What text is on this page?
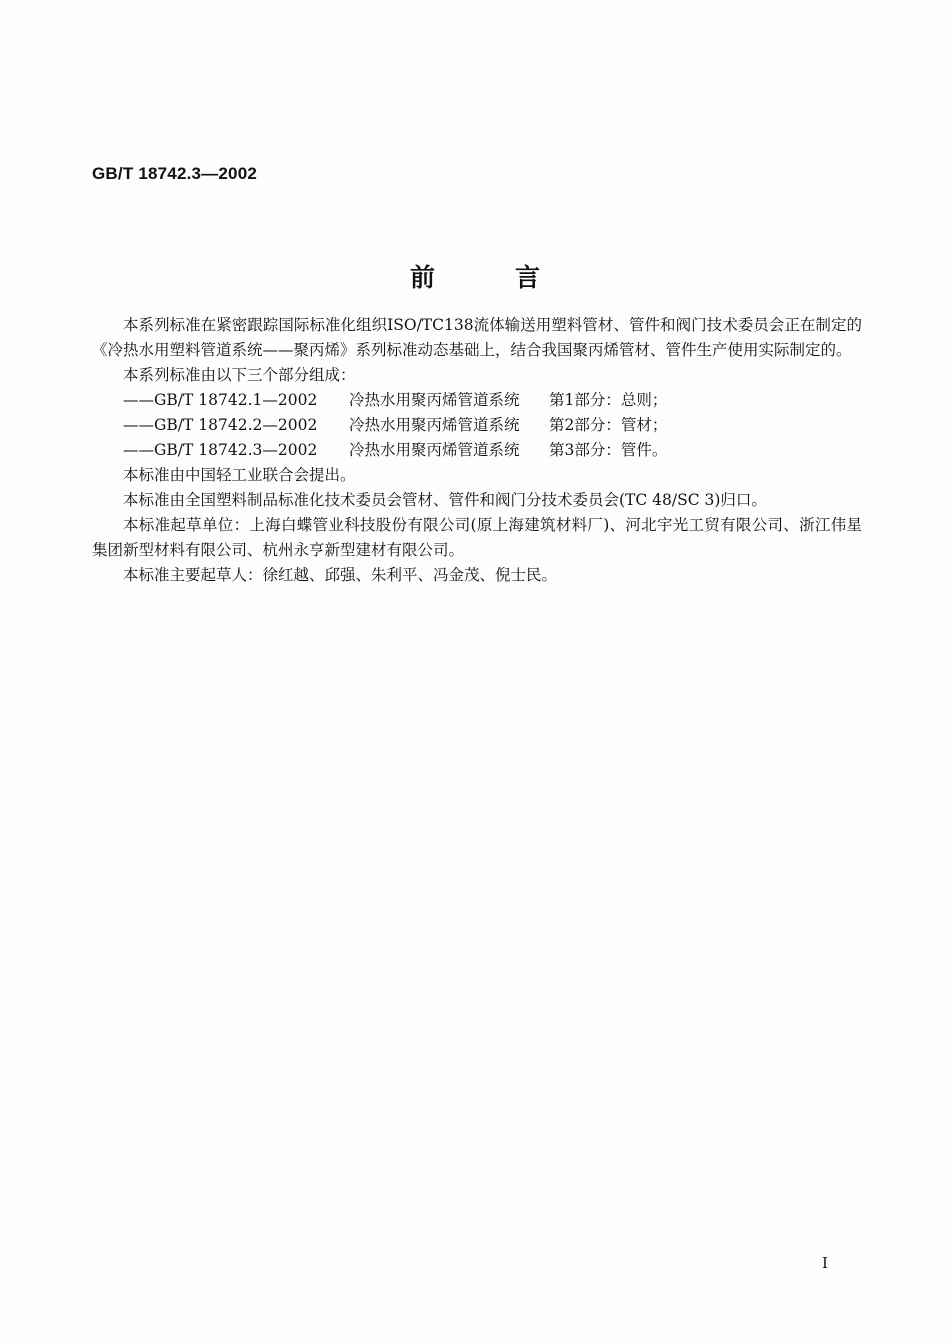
GB/T 18742.3—2002
前言

本系列标准在紧密跟踪国际标准化组织ISO/TC138流体输送用塑料管材、管件和阀门技术委员会正在制定的《冷热水用塑料管道系统——聚丙烯》系列标准动态基础上，结合我国聚丙烯管材、管件生产使用实际制定的。

本系列标准由以下三个部分组成：

——GB/T 18742.1—2002	冷热水用聚丙烯管道系统	第1部分：总则；
——GB/T 18742.2—2002	冷热水用聚丙烯管道系统	第2部分：管材；
——GB/T 18742.3—2002	冷热水用聚丙烯管道系统	第3部分：管件。

本标准由中国轻工业联合会提出。

本标准由全国塑料制品标准化技术委员会管材、管件和阀门分技术委员会(TC 48/SC 3)归口。

本标准起草单位：上海白蝶管业科技股份有限公司(原上海建筑材料厂)、河北宇光工贸有限公司、浙江伟星集团新型材料有限公司、杭州永亨新型建材有限公司。

本标准主要起草人：徐红越、邱强、朱利平、冯金茂、倪士民。

I
